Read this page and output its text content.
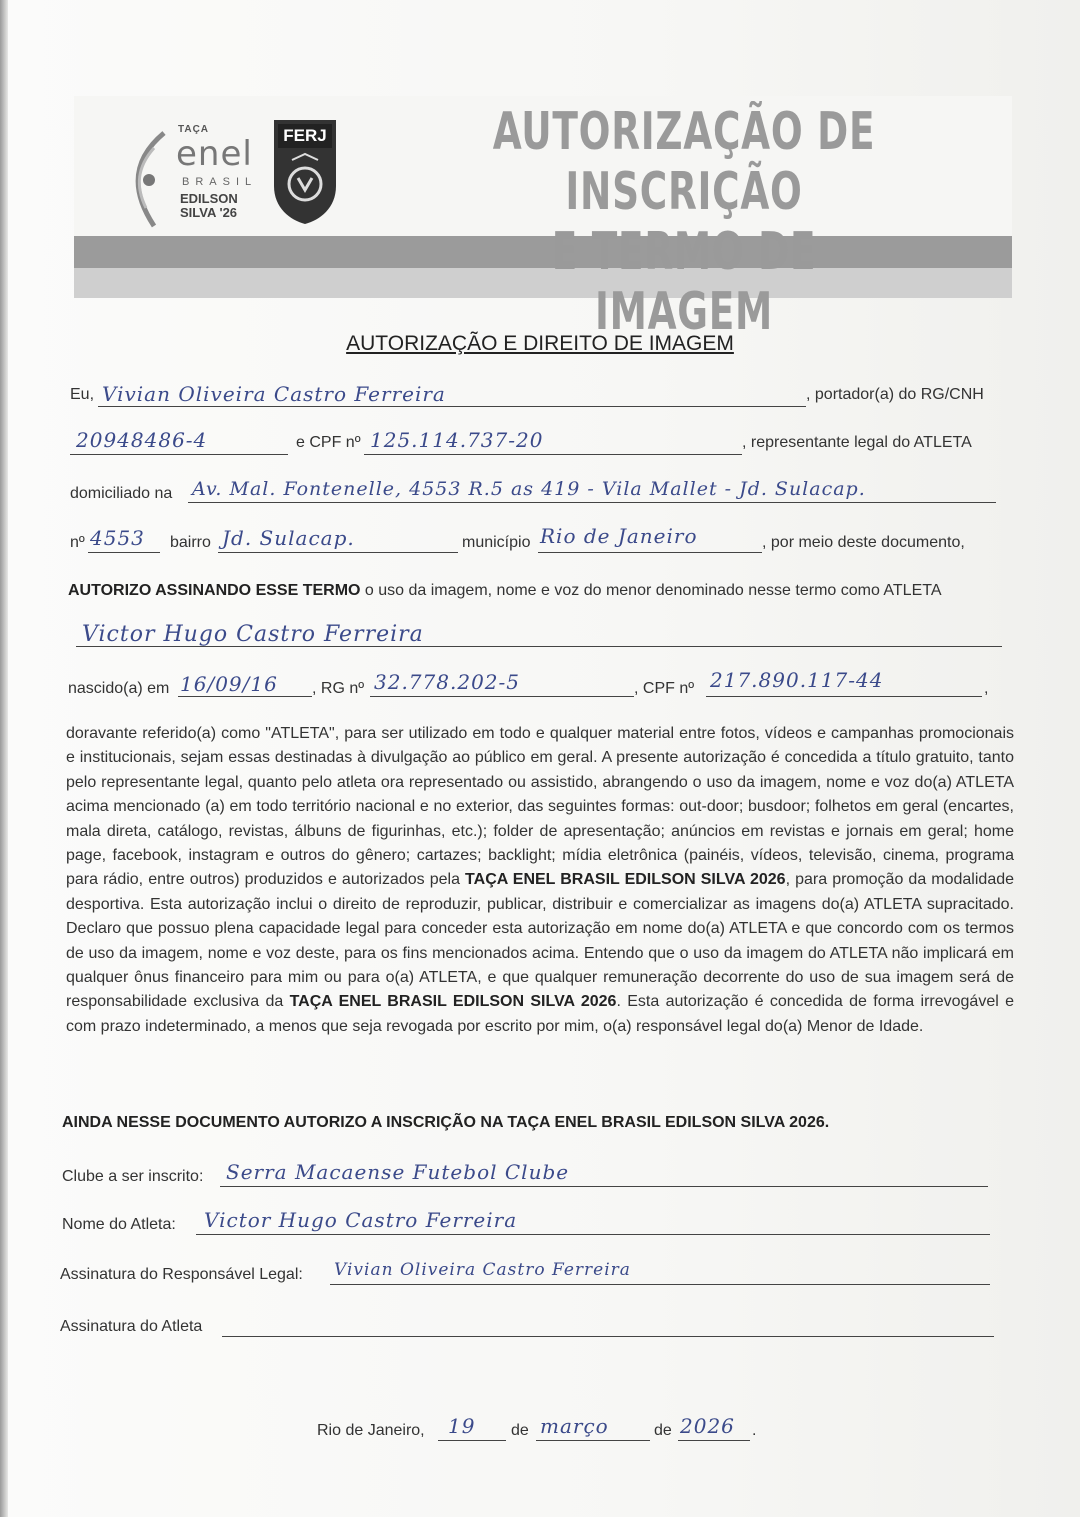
TAÇA
enel
BRASIL
EDILSON SILVA '26
FERJ	AUTORIZAÇÃO DE INSCRIÇÃO
E TERMO DE IMAGEM
AUTORIZAÇÃO E DIREITO DE IMAGEM
Eu, Vivian Oliveira Castro Ferreira	, portador(a) do RG/CNH
20948486-4	e CPF nº 125.114.737-20	, representante legal do ATLETA
domiciliado na Av. Mal. Fontenelle, 4553 R.5 as 419 - Vila Mallet - Jd. Sulacap.
nº 4553 bairro Jd. Sulacap.	município Rio de Janeiro	, por meio deste documento,
AUTORIZO ASSINANDO ESSE TERMO o uso da imagem, nome e voz do menor denominado nesse termo como ATLETA
Victor Hugo Castro Ferreira
nascido(a) em 16/09/16 , RG nº 32.778.202-5	, CPF nº 217.890.117-44	,
doravante referido(a) como "ATLETA", para ser utilizado em todo e qualquer material entre fotos, vídeos e campanhas promocionais e institucionais, sejam essas destinadas à divulgação ao público em geral. A presente autorização é concedida a título gratuito, tanto pelo representante legal, quanto pelo atleta ora representado ou assistido, abrangendo o uso da imagem, nome e voz do(a) ATLETA acima mencionado (a) em todo território nacional e no exterior, das seguintes formas: out-door; busdoor; folhetos em geral (encartes, mala direta, catálogo, revistas, álbuns de figurinhas, etc.); folder de apresentação; anúncios em revistas e jornais em geral; home page, facebook, instagram e outros do gênero; cartazes; backlight; mídia eletrônica (painéis, vídeos, televisão, cinema, programa para rádio, entre outros) produzidos e autorizados pela TAÇA ENEL BRASIL EDILSON SILVA 2026, para promoção da modalidade desportiva. Esta autorização inclui o direito de reproduzir, publicar, distribuir e comercializar as imagens do(a) ATLETA supracitado. Declaro que possuo plena capacidade legal para conceder esta autorização em nome do(a) ATLETA e que concordo com os termos de uso da imagem, nome e voz deste, para os fins mencionados acima. Entendo que o uso da imagem do ATLETA não implicará em qualquer ônus financeiro para mim ou para o(a) ATLETA, e que qualquer remuneração decorrente do uso de sua imagem será de responsabilidade exclusiva da TAÇA ENEL BRASIL EDILSON SILVA 2026. Esta autorização é concedida de forma irrevogável e com prazo indeterminado, a menos que seja revogada por escrito por mim, o(a) responsável legal do(a) Menor de Idade.
AINDA NESSE DOCUMENTO AUTORIZO A INSCRIÇÃO NA TAÇA ENEL BRASIL EDILSON SILVA 2026.
Clube a ser inscrito: Serra Macaense Futebol Clube
Nome do Atleta: Victor Hugo Castro Ferreira
Assinatura do Responsável Legal: Vivian Oliveira Castro Ferreira
Assinatura do Atleta
Rio de Janeiro, 19 de março	de 2026 .
